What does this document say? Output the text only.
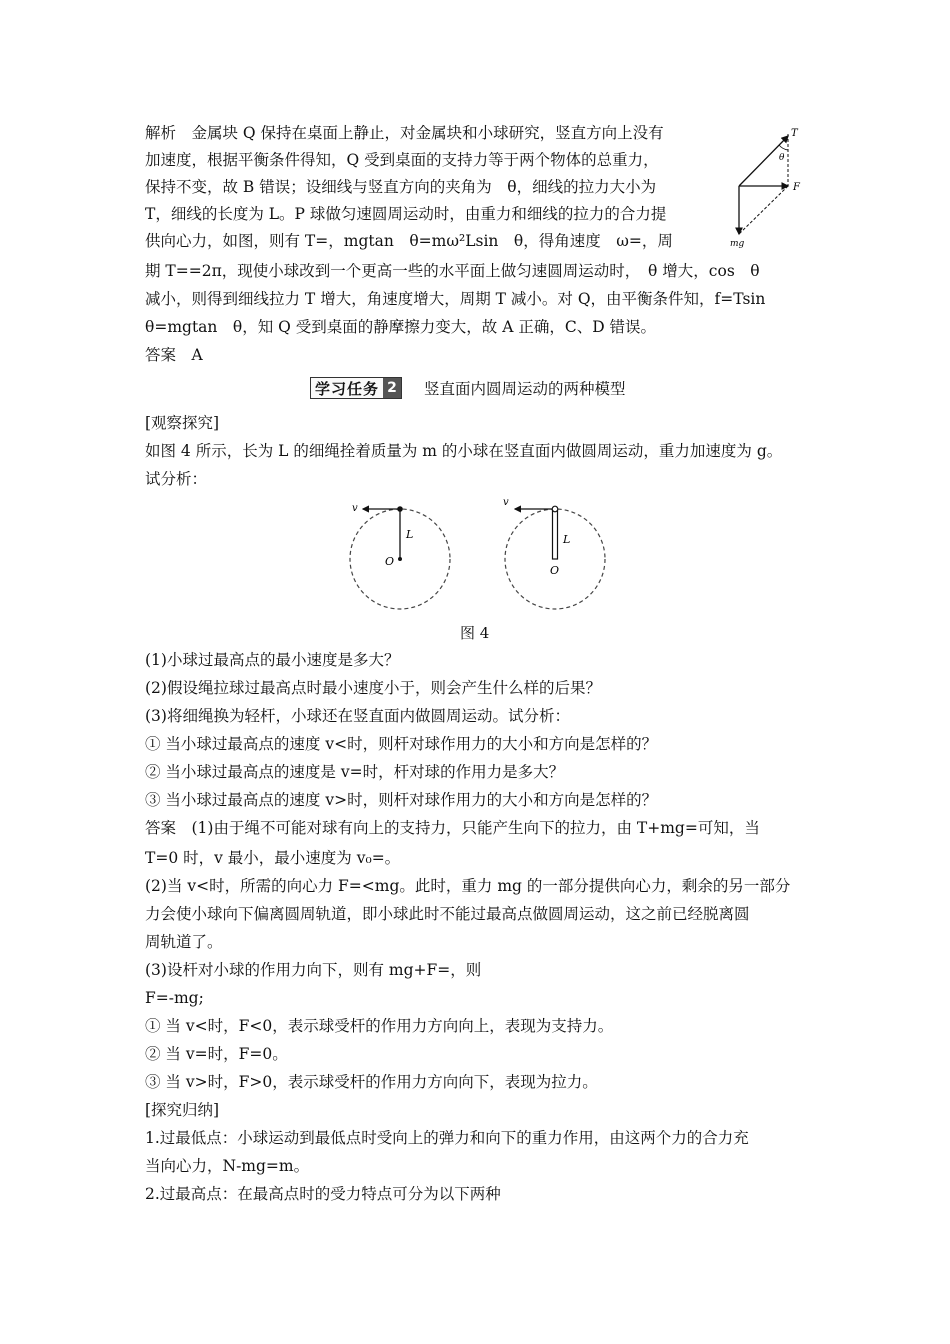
解析　金属块 Q 保持在桌面上静止，对金属块和小球研究，竖直方向上没有
加速度，根据平衡条件得知，Q 受到桌面的支持力等于两个物体的总重力，
保持不变，故 B 错误；设细线与竖直方向的夹角为　θ，细线的拉力大小为
T，细线的长度为 L。P 球做匀速圆周运动时，由重力和细线的拉力的合力提
供向心力，如图，则有 T=，mgtan　θ=mω²Lsin　θ，得角速度　ω=，周
期 T==2π，现使小球改到一个更高一些的水平面上做匀速圆周运动时，　θ 增大，cos　θ
减小，则得到细线拉力 T 增大，角速度增大，周期 T 减小。对 Q，由平衡条件知，f=Tsin
θ=mgtan　θ，知 Q 受到桌面的静摩擦力变大，故 A 正确，C、D 错误。
答案　A
T
θ
F
mg
学习任务 2 竖直面内圆周运动的两种模型
[观察探究]
如图 4 所示，长为 L 的细绳拴着质量为 m 的小球在竖直面内做圆周运动，重力加速度为 g。
试分析：
v
L
O
v
L
O
图 4
(1)小球过最高点的最小速度是多大？
(2)假设绳拉球过最高点时最小速度小于，则会产生什么样的后果？
(3)将细绳换为轻杆，小球还在竖直面内做圆周运动。试分析：
① 当小球过最高点的速度 v<时，则杆对球作用力的大小和方向是怎样的？
② 当小球过最高点的速度是 v=时，杆对球的作用力是多大？
③ 当小球过最高点的速度 v>时，则杆对球作用力的大小和方向是怎样的？
答案　(1)由于绳不可能对球有向上的支持力，只能产生向下的拉力，由 T+mg=可知，当
T=0 时，v 最小，最小速度为 v₀=。
(2)当 v<时，所需的向心力 F=<mg。此时，重力 mg 的一部分提供向心力，剩余的另一部分
力会使小球向下偏离圆周轨道，即小球此时不能过最高点做圆周运动，这之前已经脱离圆
周轨道了。
(3)设杆对小球的作用力向下，则有 mg+F=，则
F=-mg;
① 当 v<时，F<0，表示球受杆的作用力方向向上，表现为支持力。
② 当 v=时，F=0。
③ 当 v>时，F>0，表示球受杆的作用力方向向下，表现为拉力。
[探究归纳]
1.过最低点：小球运动到最低点时受向上的弹力和向下的重力作用，由这两个力的合力充
当向心力，N-mg=m。
2.过最高点：在最高点时的受力特点可分为以下两种
